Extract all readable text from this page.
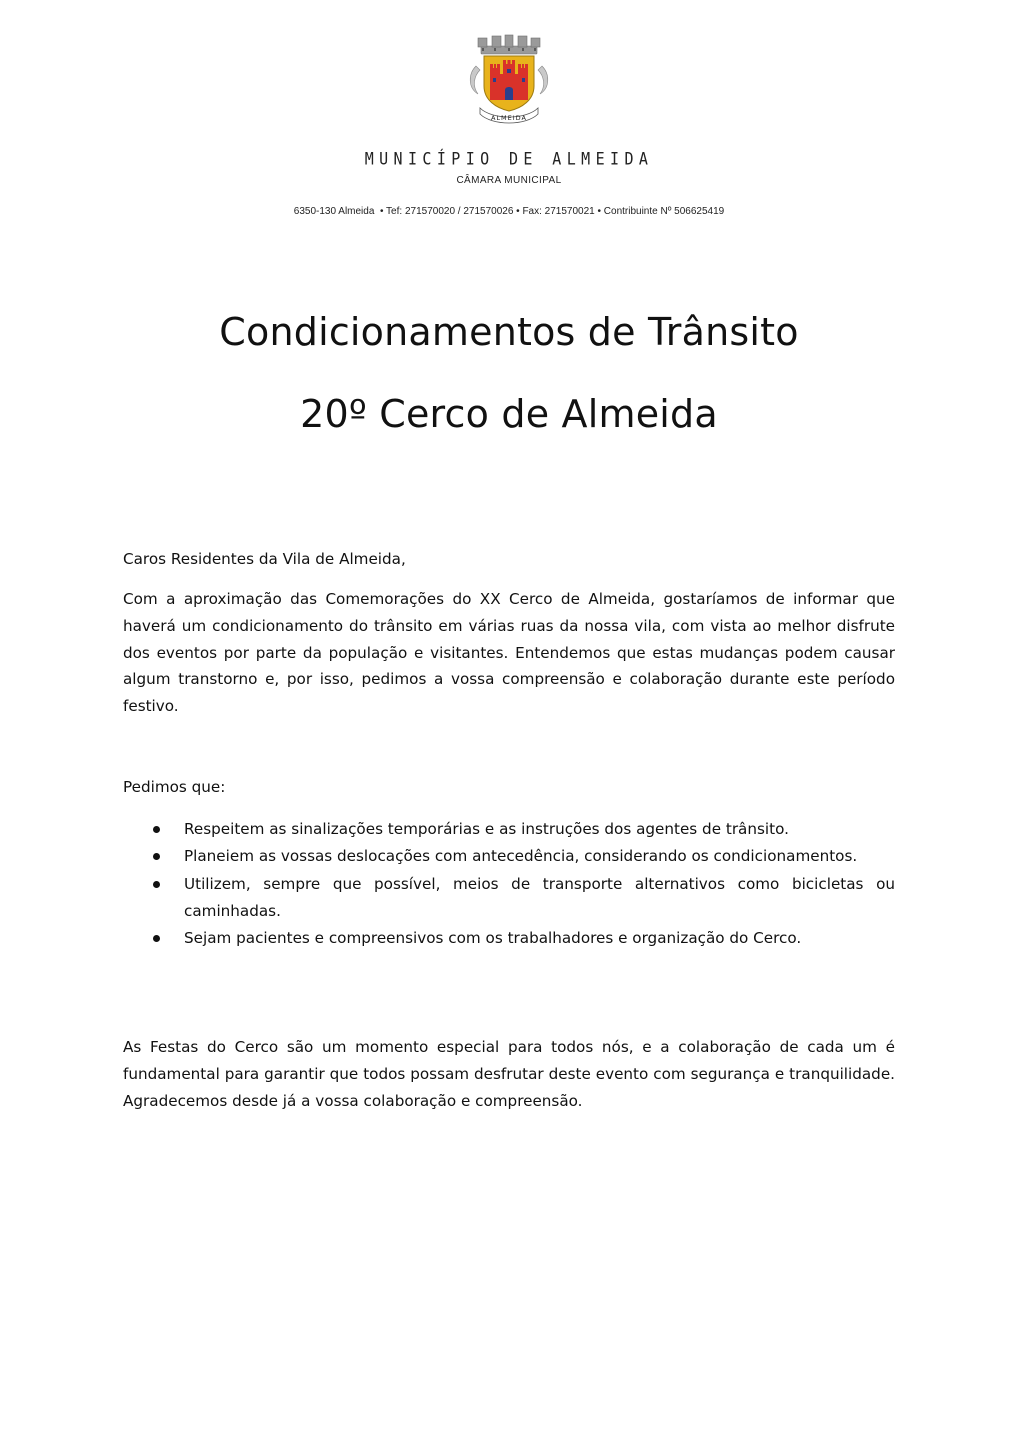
ALMEIDA
MUNICÍPIO DE ALMEIDA
CÂMARA MUNICIPAL
6350-130 Almeida  • Tef: 271570020 / 271570026 • Fax: 271570021 • Contribuinte Nº 506625419
Condicionamentos de Trânsito
20º Cerco de Almeida

Caros Residentes da Vila de Almeida,

Com a aproximação das Comemorações do XX Cerco de Almeida, gostaríamos de informar que haverá um condicionamento do trânsito em várias ruas da nossa vila, com vista ao melhor disfrute dos eventos por parte da população e visitantes. Entendemos que estas mudanças podem causar algum transtorno e, por isso, pedimos a vossa compreensão e colaboração durante este período festivo.

Pedimos que:

Respeitem as sinalizações temporárias e as instruções dos agentes de trânsito.
Planeiem as vossas deslocações com antecedência, considerando os condicionamentos.
Utilizem, sempre que possível, meios de transporte alternativos como bicicletas ou caminhadas.
Sejam pacientes e compreensivos com os trabalhadores e organização do Cerco.

As Festas do Cerco são um momento especial para todos nós, e a colaboração de cada um é fundamental para garantir que todos possam desfrutar deste evento com segurança e tranquilidade. Agradecemos desde já a vossa colaboração e compreensão.
